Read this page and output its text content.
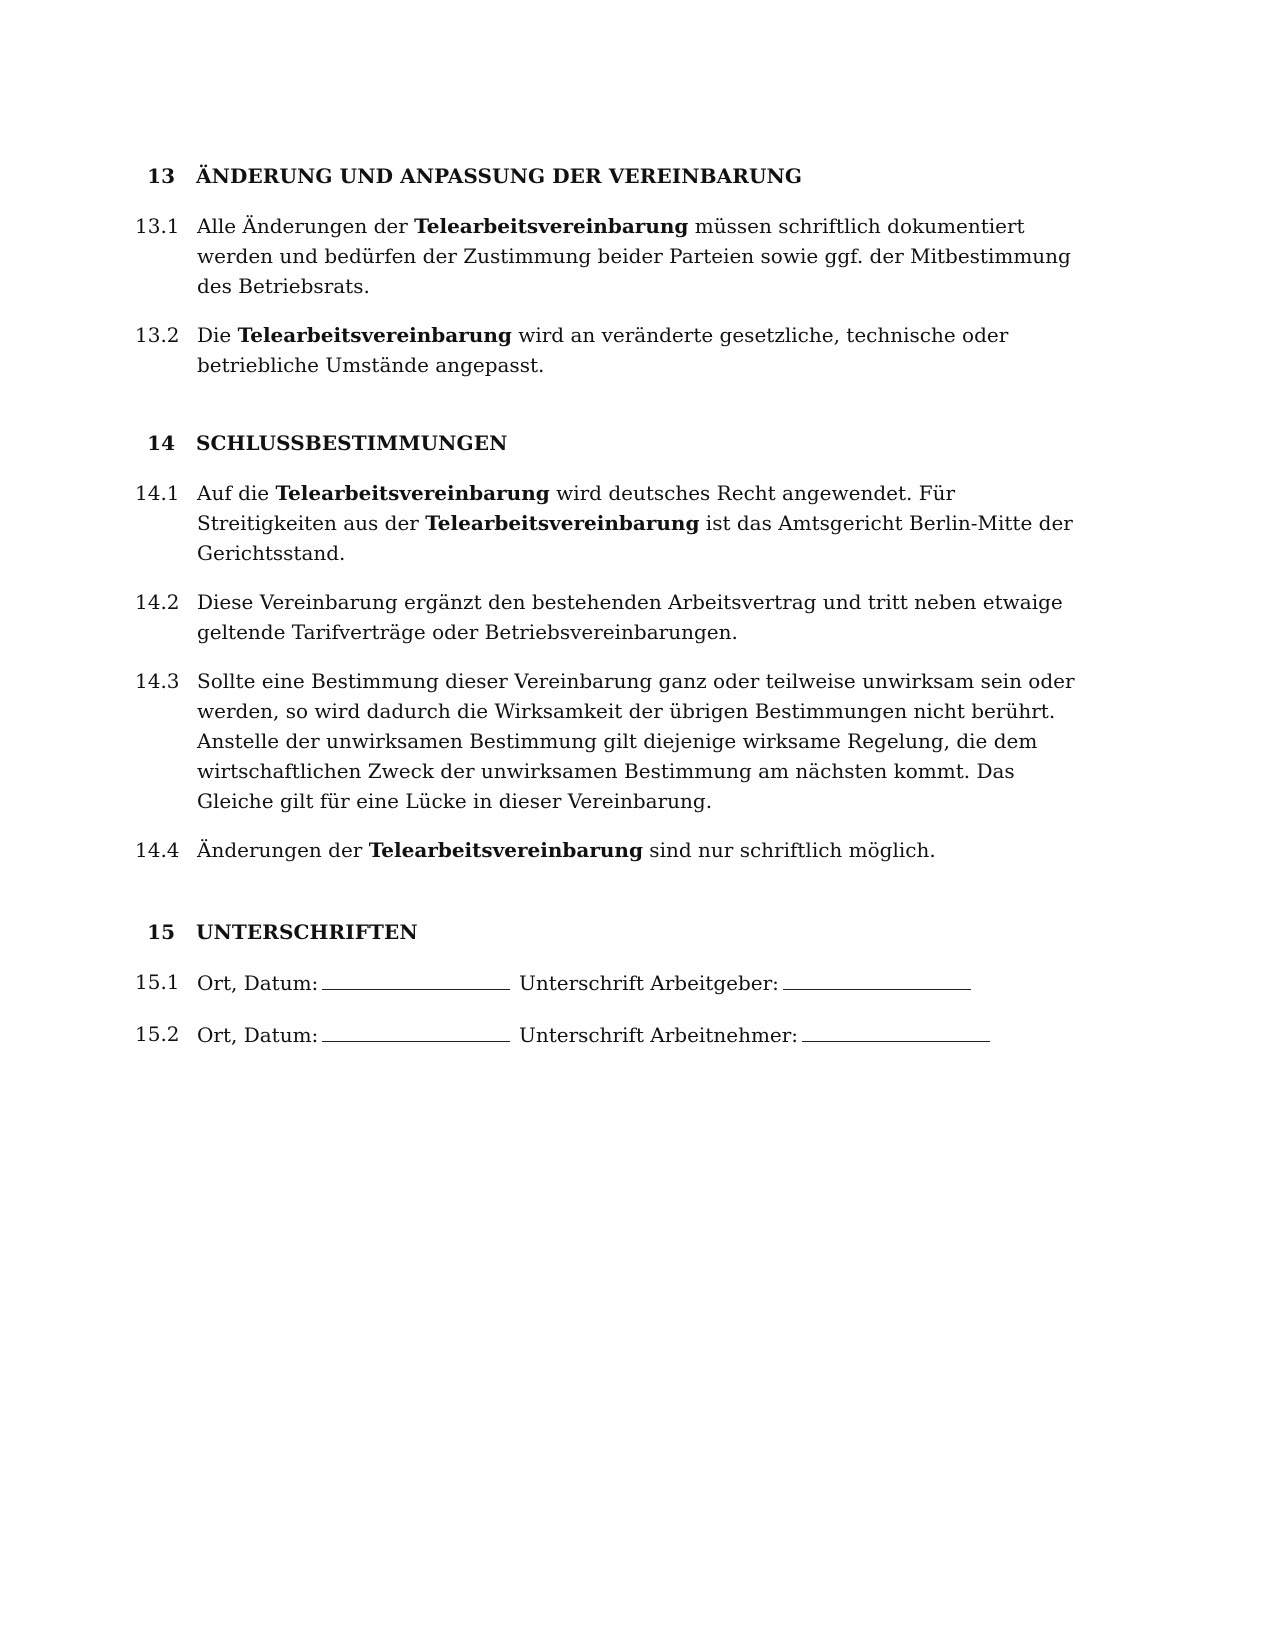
13	ÄNDERUNG UND ANPASSUNG DER VEREINBARUNG
13.1 Alle Änderungen der Telearbeitsvereinbarung müssen schriftlich dokumentiert werden und bedürfen der Zustimmung beider Parteien sowie ggf. der Mitbestimmung des Betriebsrats.
13.2 Die Telearbeitsvereinbarung wird an veränderte gesetzliche, technische oder betriebliche Umstände angepasst.
14	SCHLUSSBESTIMMUNGEN
14.1 Auf die Telearbeitsvereinbarung wird deutsches Recht angewendet. Für Streitigkeiten aus der Telearbeitsvereinbarung ist das Amtsgericht Berlin-Mitte der Gerichtsstand.
14.2 Diese Vereinbarung ergänzt den bestehenden Arbeitsvertrag und tritt neben etwaige geltende Tarifverträge oder Betriebsvereinbarungen.
14.3 Sollte eine Bestimmung dieser Vereinbarung ganz oder teilweise unwirksam sein oder werden, so wird dadurch die Wirksamkeit der übrigen Bestimmungen nicht berührt. Anstelle der unwirksamen Bestimmung gilt diejenige wirksame Regelung, die dem wirtschaftlichen Zweck der unwirksamen Bestimmung am nächsten kommt. Das Gleiche gilt für eine Lücke in dieser Vereinbarung.
14.4 Änderungen der Telearbeitsvereinbarung sind nur schriftlich möglich.
15	UNTERSCHRIFTEN
15.1 Ort, Datum:	Unterschrift Arbeitgeber:
15.2 Ort, Datum:	Unterschrift Arbeitnehmer:
